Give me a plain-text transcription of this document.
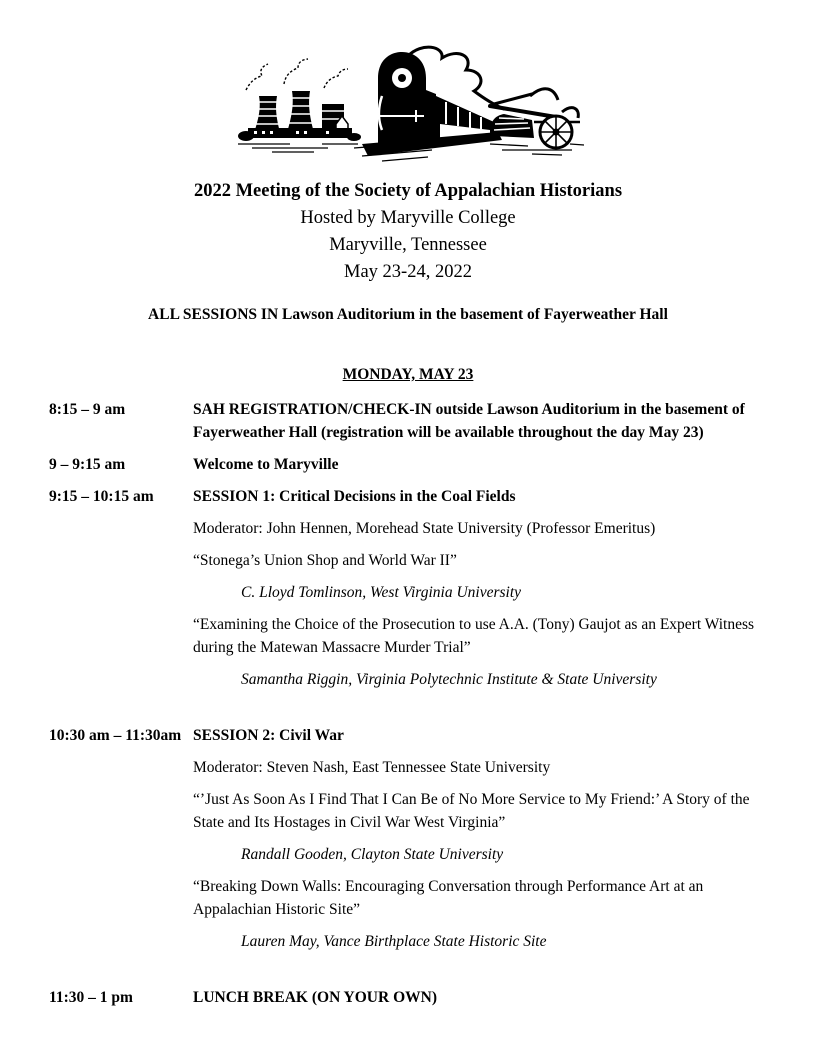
2022 Meeting of the Society of Appalachian Historians
Hosted by Maryville College
Maryville, Tennessee
May 23-24, 2022
ALL SESSIONS IN Lawson Auditorium in the basement of Fayerweather Hall
MONDAY, MAY 23
8:15 – 9 am	SAH REGISTRATION/CHECK-IN outside Lawson Auditorium in the basement of Fayerweather Hall (registration will be available throughout the day May 23)

9 – 9:15 am	Welcome to Maryville

9:15 – 10:15 am	SESSION 1: Critical Decisions in the Coal Fields

Moderator: John Hennen, Morehead State University (Professor Emeritus)

“Stonega’s Union Shop and World War II”

C. Lloyd Tomlinson, West Virginia University

“Examining the Choice of the Prosecution to use A.A. (Tony) Gaujot as an Expert Witness during the Matewan Massacre Murder Trial”

Samantha Riggin, Virginia Polytechnic Institute & State University

10:30 am – 11:30am SESSION 2: Civil War

Moderator: Steven Nash, East Tennessee State University

“’Just As Soon As I Find That I Can Be of No More Service to My Friend:’ A Story of the State and Its Hostages in Civil War West Virginia”

Randall Gooden, Clayton State University

“Breaking Down Walls: Encouraging Conversation through Performance Art at an Appalachian Historic Site”

Lauren May, Vance Birthplace State Historic Site

11:30 – 1 pm	LUNCH BREAK (ON YOUR OWN)
